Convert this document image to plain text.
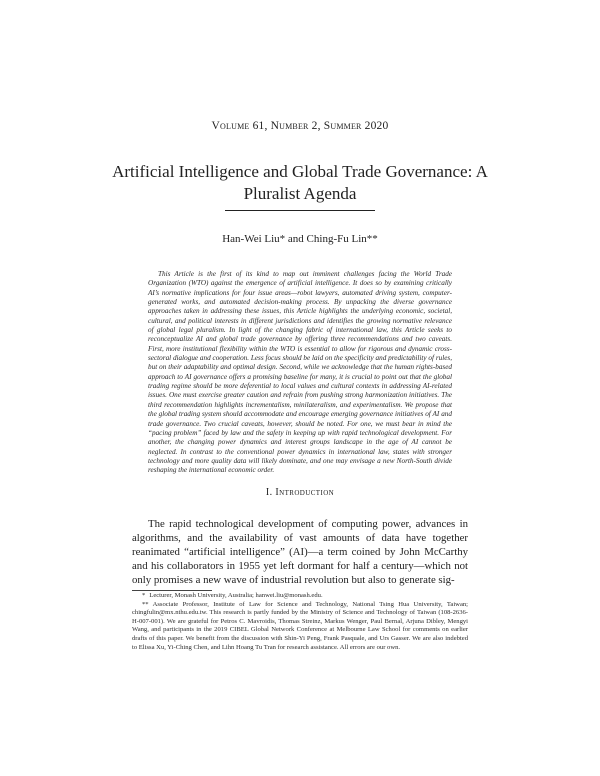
Volume 61, Number 2, Summer 2020
Artificial Intelligence and Global Trade Governance: A Pluralist Agenda
Han-Wei Liu* and Ching-Fu Lin**
This Article is the first of its kind to map out imminent challenges facing the World Trade Organization (WTO) against the emergence of artificial intelligence. It does so by examining critically AI’s normative implications for four issue areas—robot lawyers, automated driving system, computer-generated works, and automated decision-making process. By unpacking the diverse governance approaches taken in addressing these issues, this Article highlights the underlying economic, societal, cultural, and political interests in different jurisdictions and identifies the growing normative relevance of global legal pluralism. In light of the changing fabric of international law, this Article seeks to reconceptualize AI and global trade governance by offering three recommendations and two caveats. First, more institutional flexibility within the WTO is essential to allow for rigorous and dynamic cross-sectoral dialogue and cooperation. Less focus should be laid on the specificity and predictability of rules, but on their adaptability and optimal design. Second, while we acknowledge that the human rights-based approach to AI governance offers a promising baseline for many, it is crucial to point out that the global trading regime should be more deferential to local values and cultural contexts in addressing AI-related issues. One must exercise greater caution and refrain from pushing strong harmonization initiatives. The third recommendation highlights incrementalism, minilateralism, and experimentalism. We propose that the global trading system should accommodate and encourage emerging governance initiatives of AI and trade governance. Two crucial caveats, however, should be noted. For one, we must bear in mind the “pacing problem” faced by law and the safety in keeping up with rapid technological development. For another, the changing power dynamics and interest groups landscape in the age of AI cannot be neglected. In contrast to the conventional power dynamics in international law, states with stronger technology and more quality data will likely dominate, and one may envisage a new North-South divide reshaping the international economic order.
I. Introduction
The rapid technological development of computing power, advances in algorithms, and the availability of vast amounts of data have together reanimated “artificial intelligence” (AI)—a term coined by John McCarthy and his collaborators in 1955 yet left dormant for half a century—which not only promises a new wave of industrial revolution but also to generate sig-

* Lecturer, Monash University, Australia; hanwei.liu@monash.edu.

** Associate Professor, Institute of Law for Science and Technology, National Tsing Hua University, Taiwan; chingfulin@mx.nthu.edu.tw. This research is partly funded by the Ministry of Science and Technology of Taiwan (108-2636-H-007-001). We are grateful for Petros C. Mavroidis, Thomas Streinz, Markus Wenger, Paul Bernal, Arjuna Dibley, Mengyi Wang, and participants in the 2019 CIBEL Global Network Conference at Melbourne Law School for comments on earlier drafts of this paper. We benefit from the discussion with Shin-Yi Peng, Frank Pasquale, and Urs Gasser. We are also indebted to Elissa Xu, Yi-Ching Chen, and Lihn Hoang Tu Tran for research assistance. All errors are our own.
